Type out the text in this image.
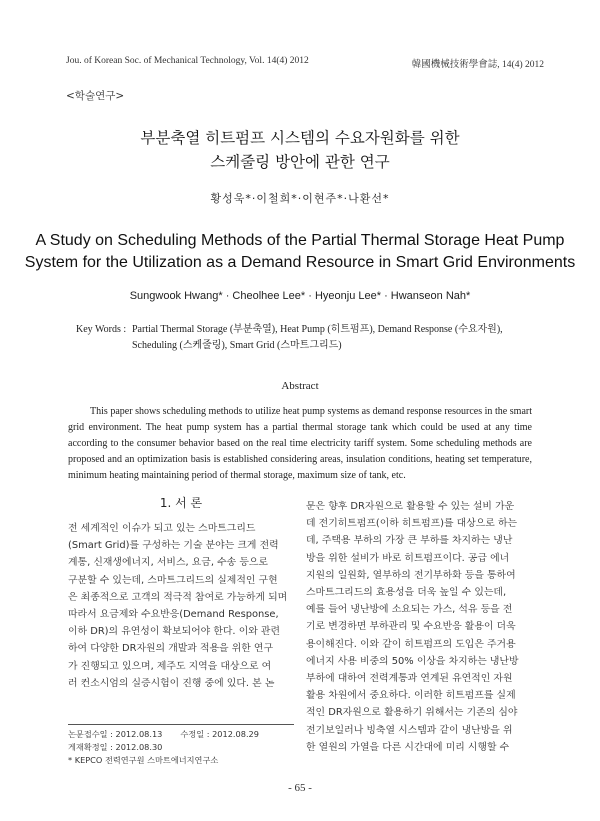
Jou. of Korean Soc. of Mechanical Technology, Vol. 14(4) 2012	韓國機械技術學會誌, 14(4) 2012
<학술연구>
부분축열 히트펌프 시스템의 수요자원화를 위한
스케줄링 방안에 관한 연구
황성욱*·이철희*·이현주*·나환선*
A Study on Scheduling Methods of the Partial Thermal Storage Heat Pump
System for the Utilization as a Demand Resource in Smart Grid Environments
Sungwook Hwang* · Cheolhee Lee* · Hyeonju Lee* · Hwanseon Nah*
Key Words : Partial Thermal Storage (부분축열), Heat Pump (히트펌프), Demand Response (수요자원),
Scheduling (스케줄링), Smart Grid (스마트그리드)
Abstract

This paper shows scheduling methods to utilize heat pump systems as demand response resources in the smart grid environment. The heat pump system has a partial thermal storage tank which could be used at any time according to the consumer behavior based on the real time electricity tariff system. Some scheduling methods are proposed and an optimization basis is established considering areas, insulation conditions, heating set temperature, minimum heating maintaining period of thermal storage, maximum size of tank, etc.

1. 서 론
전 세계적인 이슈가 되고 있는 스마트그리드
(Smart Grid)를 구성하는 기술 분야는 크게 전력
계통, 신재생에너지, 서비스, 요금, 수송 등으로
구분할 수 있는데, 스마트그리드의 실제적인 구현
은 최종적으로 고객의 적극적 참여로 가능하게 되며
따라서 요금제와 수요반응(Demand Response,
이하 DR)의 유연성이 확보되어야 한다. 이와 관련
하여 다양한 DR자원의 개발과 적용을 위한 연구
가 진행되고 있으며, 제주도 지역을 대상으로 여
러 컨소시엄의 실증시험이 진행 중에 있다. 본 논
문은 향후 DR자원으로 활용할 수 있는 설비 가운
데 전기히트펌프(이하 히트펌프)를 대상으로 하는
데, 주택용 부하의 가장 큰 부하를 차지하는 냉난
방을 위한 설비가 바로 히트펌프이다. 공급 에너
지원의 일원화, 열부하의 전기부하화 등을 통하여
스마트그리드의 효용성을 더욱 높일 수 있는데,
예를 들어 냉난방에 소요되는 가스, 석유 등을 전
기로 변경하면 부하관리 및 수요반응 활용이 더욱
용이해진다. 이와 같이 히트펌프의 도입은 주거용
에너지 사용 비중의 50% 이상을 차지하는 냉난방
부하에 대하여 전력계통과 연계된 유연적인 자원
활용 차원에서 중요하다. 이러한 히트펌프를 실제
적인 DR자원으로 활용하기 위해서는 기존의 심야
전기보일러나 빙축열 시스템과 같이 냉난방을 위
한 열원의 가열을 다른 시간대에 미리 시행할 수
논문접수일 : 2012.08.13 수정일 : 2012.08.29
게재확정일 : 2012.08.30
* KEPCO 전력연구원 스마트에너지연구소
- 65 -
